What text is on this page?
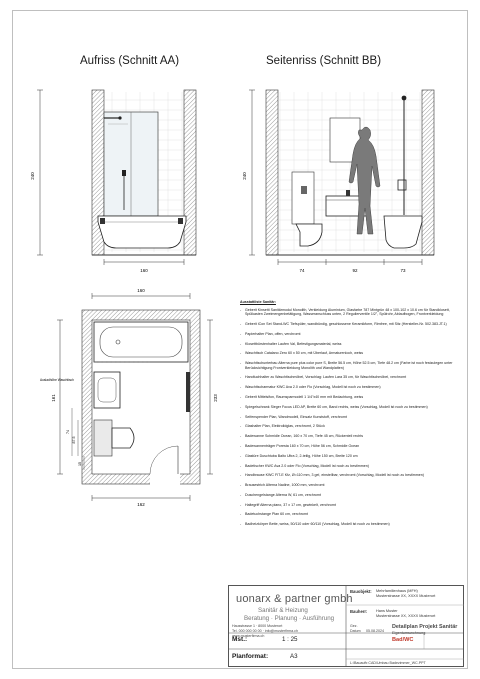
Aufriss (Schnitt AA)	Seitenriss (Schnitt BB)
240
160
240
74	92	73
160
161	233
162
74
87.5
15
Ausladhöhe Waschtisch
Ausstattliste Sanitär:
- Geberit Kinsetti Sanitärmodul Monolith, Verkleidung Aluminium, Glasfarbe 787 Mintgrün 48 x 100-102 x 10.6 cm für Standklosett, Spülkasten Zweimengenbetätigung, Wasseranschluss unten, 2 Regulierventile 1/2", Spülrohr, Ablaufbogen, Frontverkleidung
- Geberit iCon Set Stand-WC Tiefspüler, wandbündig, geschlossene Keramikform, Rimfree, mit Sitz (Hersteller-Nr. 502.383.JT.1)
- Papierhalter Plan, offen, verchromt
- Klosettbürstenhalter Laufen Val, Befestigungsmaterial, weiss
- Waschtisch Catalano Zero 60 x 50 cm, mit Überlauf, Armaturenloch, weiss
- Waschtischunterbau Alterna pure plus color pure S, Breite 56.5 cm, Höhe 52.5 cm, Tiefe 48.2 cm (Farbe ist noch festzulegen unter Berücksichtigung Frontverkleidung Monolith und Wandplatten)
- Handtuchhalter zu Waschtischmöbel, Vorschlag: Laufen Lara 35 cm, für Waschtischmöbel, verchromt
- Waschtischarmatur KWC Ava 2.0 oder Flo (Vorschlag, Modell ist noch zu bestimmen)
- Geberit Mittelsifon, Raumsparmodell 1 1/4"x40 mm mit Bedachtung, weiss
- Spiegelschrank Sieger Focus LED AP, Breite 60 cm, Band rechts, weiss (Vorschlag, Modell ist noch zu bestimmen)
- Seifenspender Plan, Wandmodell, Einsatz Kunststoff, verchromt
- Glashalter Plan, Elektrolidglas, verchromt, 2 Stück
- Badewanne Schmidle Ocean, 160 x 70 cm, Tiefe 45 cm, Rückenteil rechts
- Badewannenträger Poresta 160 x 70 cm, Höhe 56 cm, Schmidle Ocean
- Glastüre Duschtuba Balto Ultra 2, 2-teilig, Höhe 150 cm, Breite 120 cm
- Badetischer KWC Ava 2.0 oder Flo (Vorschlag, Modell ist noch zu bestimmen)
- Handbrause KWC FIT-E Kfz, Ø=110 mm, 3 gel, einstellbar, verchromt (Vorschlag, Modell ist noch zu bestimmen)
- Brausestrich Alterna Nadine, 1000 mm, verchromt
- Duschengelstange Alterna W, 61 cm, verchromt
- Haltegriff Alterna piano, 37 x 17 cm, gewinkelt, verchromt
- Badetuchstange Plan 60 cm, verchromt
- Badheizkörper Bette, weiss, 50/110 oder 60/110 (Vorschlag, Modell ist noch zu bestimmen)
uonarx & partner gmbh
Sanitär & Heizung
Beratung · Planung · Ausführung
Hausstrasse 1 · 8000 Musterort
Tel. 000 000 00 00 · info@musterfirma.ch
www.musterfirma.ch
Bauobjekt: Mehrfamilienhaus (MFH)
Musterstrasse XX, XXXX Musterort
Bauherr: Hans Muster
Musterstrasse XX, XXXX Musterort
Gez.
Datum 05.08.2024
Detailplan Projekt Sanitär
Eigentumswohnung
Bad/WC
Mst.:	1 : 25
Planformat:	A3
L:\Bauauftr.CAD\Umbau Badezimmer_WC.PPT
